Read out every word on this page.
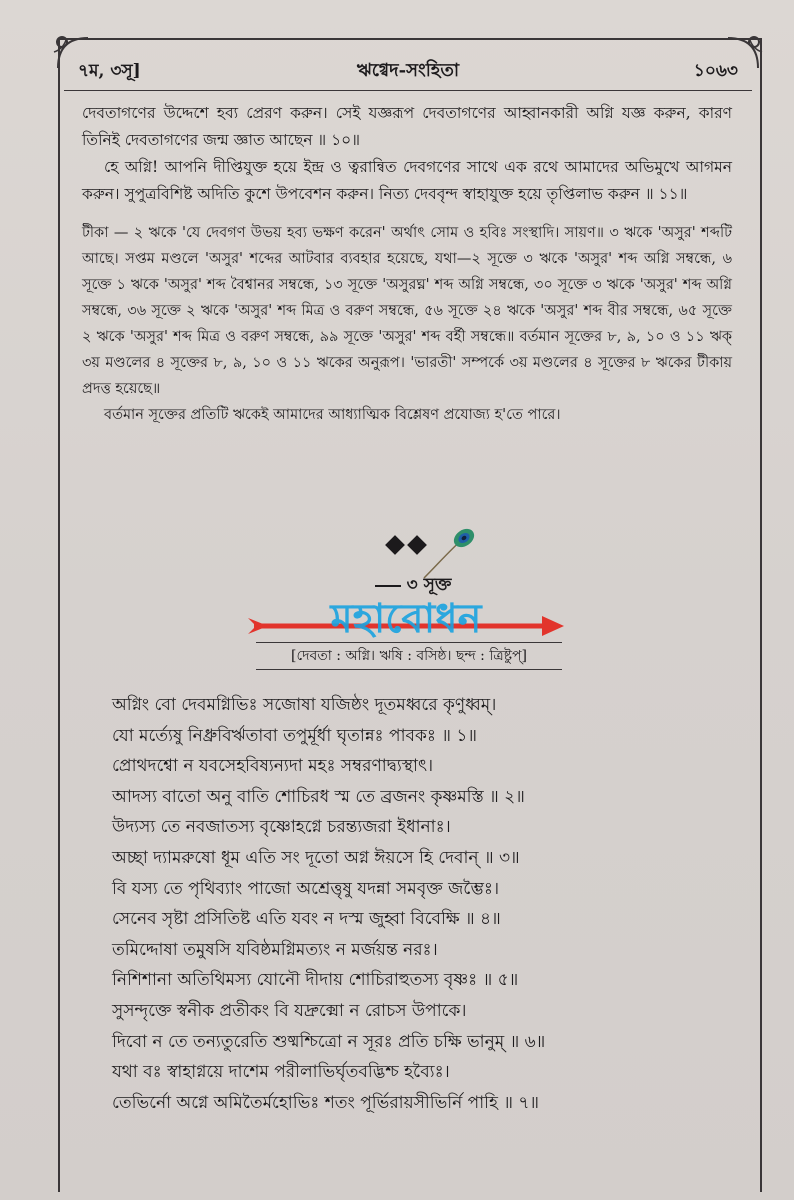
৭ম, ৩সূ]	ঋগ্বেদ-সংহিতা	১০৬৩

দেবতাগণের উদ্দেশে হব্য প্রেরণ করুন। সেই যজ্ঞরূপ দেবতাগণের আহ্বানকারী অগ্নি যজ্ঞ করুন, কারণ তিনিই দেবতাগণের জন্ম জ্ঞাত আছেন ॥ ১০॥

হে অগ্নি! আপনি দীপ্তিযুক্ত হয়ে ইন্দ্র ও ত্বরান্বিত দেবগণের সাথে এক রথে আমাদের অভিমুখে আগমন করুন। সুপুত্রবিশিষ্ট অদিতি কুশে উপবেশন করুন। নিত্য দেববৃন্দ স্বাহাযুক্ত হয়ে তৃপ্তিলাভ করুন ॥ ১১॥

টীকা — ২ ঋকে 'যে দেবগণ উভয় হব্য ভক্ষণ করেন' অর্থাৎ সোম ও হবিঃ সংস্থাদি। সায়ণ॥ ৩ ঋকে 'অসুর' শব্দটি আছে। সপ্তম মণ্ডলে 'অসুর' শব্দের আটবার ব্যবহার হয়েছে, যথা—২ সূক্তে ৩ ঋকে 'অসুর' শব্দ অগ্নি সম্বন্ধে, ৬ সূক্তে ১ ঋকে 'অসুর' শব্দ বৈশ্বানর সম্বন্ধে, ১৩ সূক্তে 'অসুরঘ্ন' শব্দ অগ্নি সম্বন্ধে, ৩০ সূক্তে ৩ ঋকে 'অসুর' শব্দ অগ্নি সম্বন্ধে, ৩৬ সূক্তে ২ ঋকে 'অসুর' শব্দ মিত্র ও বরুণ সম্বন্ধে, ৫৬ সূক্তে ২৪ ঋকে 'অসুর' শব্দ বীর সম্বন্ধে, ৬৫ সূক্তে ২ ঋকে 'অসুর' শব্দ মিত্র ও বরুণ সম্বন্ধে, ৯৯ সূক্তে 'অসুর' শব্দ বর্হী সম্বন্ধে॥ বর্তমান সূক্তের ৮, ৯, ১০ ও ১১ ঋক্ ৩য় মণ্ডলের ৪ সূক্তের ৮, ৯, ১০ ও ১১ ঋকের অনুরূপ। 'ভারতী' সম্পর্কে ৩য় মণ্ডলের ৪ সূক্তের ৮ ঋকের টীকায় প্রদত্ত হয়েছে॥

বর্তমান সূক্তের প্রতিটি ঋকেই আমাদের আধ্যাত্মিক বিশ্লেষণ প্রযোজ্য হ'তে পারে।

৩ সূক্ত
মহাবোধন
[দেবতা : অগ্নি। ঋষি : বসিষ্ঠ। ছন্দ : ত্রিষ্টুপ্]
অগ্নিং বো দেবমগ্নিভিঃ সজোষা যজিষ্ঠং দূতমধ্বরে কৃণুধ্বম্।
যো মর্ত্যেষু নিধ্রুবির্ঋতাবা তপুর্মূর্ধা ঘৃতান্নঃ পাবকঃ ॥ ১॥
প্রোথদশ্বো ন যবসেহবিষ্যন্যদা মহঃ সম্বরণাদ্ব্যস্থাৎ।
আদস্য বাতো অনু বাতি শোচিরধ স্ম তে ব্রজনং কৃষ্ণমস্তি ॥ ২॥
উদ্যস্য তে নবজাতস্য বৃষ্ণোহগ্নে চরন্ত্যজরা ইধানাঃ।
অচ্ছা দ্যামরুষো ধূম এতি সং দূতো অগ্ন ঈয়সে হি দেবান্ ॥ ৩॥
বি যস্য তে পৃথিব্যাং পাজো অশ্রেত্তৃষু যদন্না সমবৃক্ত জম্ভৈঃ।
সেনেব সৃষ্টা প্রসিতিষ্ট এতি যবং ন দস্ম জুহ্বা বিবেক্ষি ॥ ৪॥
তমিদ্দোষা তমুষসি যবিষ্ঠমগ্নিমত্যং ন মর্জয়ন্ত নরঃ।
নিশিশানা অতিথিমস্য যোনৌ দীদায় শোচিরাহুতস্য বৃষ্ণঃ ॥ ৫॥
সুসন্দৃক্তে স্বনীক প্রতীকং বি যদ্রুক্মো ন রোচস উপাকে।
দিবো ন তে তন্যতুরেতি শুষ্মশ্চিত্রো ন সূরঃ প্রতি চক্ষি ভানুম্ ॥ ৬॥
যথা বঃ স্বাহাগ্নয়ে দাশেম পরীলাভির্ঘৃতবদ্ভিশ্চ হব্যৈঃ।
তেভির্নো অগ্নে অমিতৈর্মহোভিঃ শতং পূর্ভিরায়সীভির্নি পাহি ॥ ৭॥
